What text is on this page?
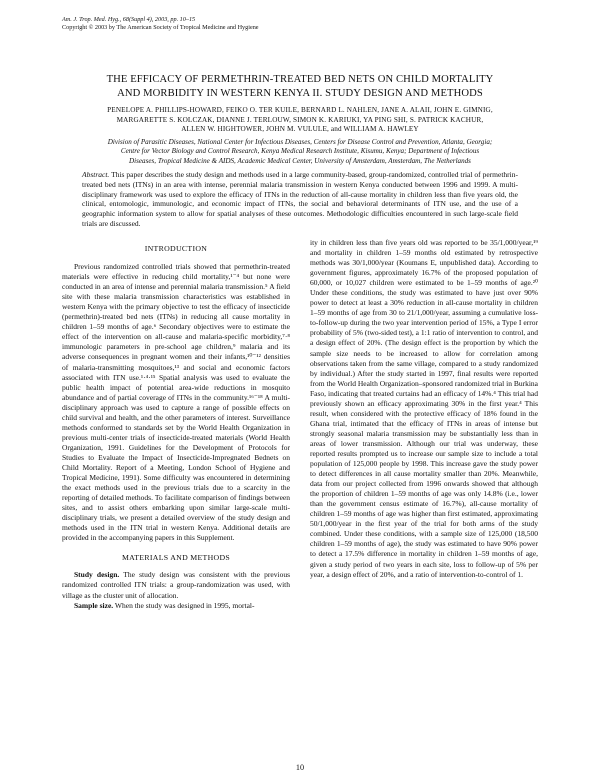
Am. J. Trop. Med. Hyg., 68(Suppl 4), 2003, pp. 10–15
Copyright © 2003 by The American Society of Tropical Medicine and Hygiene
THE EFFICACY OF PERMETHRIN-TREATED BED NETS ON CHILD MORTALITY
AND MORBIDITY IN WESTERN KENYA II. STUDY DESIGN AND METHODS
PENELOPE A. PHILLIPS-HOWARD, FEIKO O. TER KUILE, BERNARD L. NAHLEN, JANE A. ALAII, JOHN E. GIMNIG,
MARGARETTE S. KOLCZAK, DIANNE J. TERLOUW, SIMON K. KARIUKI, YA PING SHI, S. PATRICK KACHUR,
ALLEN W. HIGHTOWER, JOHN M. VULULE, and WILLIAM A. HAWLEY
Division of Parasitic Diseases, National Center for Infectious Diseases, Centers for Disease Control and Prevention, Atlanta, Georgia;
Centre for Vector Biology and Control Research, Kenya Medical Research Institute, Kisumu, Kenya; Department of Infectious
Diseases, Tropical Medicine & AIDS, Academic Medical Center, University of Amsterdam, Amsterdam, The Netherlands
Abstract. This paper describes the study design and methods used in a large community-based, group-randomized, controlled trial of permethrin-treated bed nets (ITNs) in an area with intense, perennial malaria transmission in western Kenya conducted between 1996 and 1999. A multi-disciplinary framework was used to explore the efficacy of ITNs in the reduction of all-cause mortality in children less than five years old, the clinical, entomologic, immunologic, and economic impact of ITNs, the social and behavioral determinants of ITN use, and the use of a geographic information system to allow for spatial analyses of these outcomes. Methodologic difficulties encountered in such large-scale field trials are discussed.

INTRODUCTION

Previous randomized controlled trials showed that permethrin-treated materials were effective in reducing child mortality,¹⁻⁴ but none were conducted in an area of intense and perennial malaria transmission.⁵ A field site with these malaria transmission characteristics was established in western Kenya with the primary objective to test the efficacy of insecticide (permethrin)-treated bed nets (ITNs) in reducing all cause mortality in children 1–59 months of age.⁶ Secondary objectives were to estimate the effect of the intervention on all-cause and malaria-specific morbidity,⁷·⁸ immunologic parameters in pre-school age children,⁹ malaria and its adverse consequences in pregnant women and their infants,¹⁰⁻¹² densities of malaria-transmitting mosquitoes,¹³ and social and economic factors associated with ITN use.¹·⁴·¹⁵ Spatial analysis was used to evaluate the public health impact of potential area-wide reductions in mosquito abundance and of partial coverage of ITNs in the community.¹⁶⁻¹⁸ A multi-disciplinary approach was used to capture a range of possible effects on child survival and health, and the other parameters of interest. Surveillance methods conformed to standards set by the World Health Organization in previous multi-center trials of insecticide-treated materials (World Health Organization, 1991. Guidelines for the Development of Protocols for Studies to Evaluate the Impact of Insecticide-Impregnated Bednets on Child Mortality. Report of a Meeting, London School of Hygiene and Tropical Medicine, 1991). Some difficulty was encountered in determining the exact methods used in the previous trials due to a scarcity in the reporting of detailed methods. To facilitate comparison of findings between sites, and to assist others embarking upon similar large-scale multi-disciplinary trials, we present a detailed overview of the study design and methods used in the ITN trial in western Kenya. Additional details are provided in the accompanying papers in this Supplement.

MATERIALS AND METHODS

Study design. The study design was consistent with the previous randomized controlled ITN trials: a group-randomization was used, with village as the cluster unit of allocation.

Sample size. When the study was designed in 1995, mortal-

ity in children less than five years old was reported to be 35/1,000/year,¹⁹ and mortality in children 1–59 months old estimated by retrospective methods was 30/1,000/year (Koumans E, unpublished data). According to government figures, approximately 16.7% of the proposed population of 60,000, or 10,027 children were estimated to be 1–59 months of age.²⁰ Under these conditions, the study was estimated to have just over 90% power to detect at least a 30% reduction in all-cause mortality in children 1–59 months of age from 30 to 21/1,000/year, assuming a cumulative loss-to-follow-up during the two year intervention period of 15%, a Type I error probability of 5% (two-sided test), a 1:1 ratio of intervention to control, and a design effect of 20%. (The design effect is the proportion by which the sample size needs to be increased to allow for correlation among observations taken from the same village, compared to a study randomized by individual.) After the study started in 1997, final results were reported from the World Health Organization–sponsored randomized trial in Burkina Faso, indicating that treated curtains had an efficacy of 14%.⁴ This trial had previously shown an efficacy approximating 30% in the first year.⁴ This result, when considered with the protective efficacy of 18% found in the Ghana trial, intimated that the efficacy of ITNs in areas of intense but strongly seasonal malaria transmission may be substantially less than in areas of lower transmission. Although our trial was underway, these reported results prompted us to increase our sample size to include a total population of 125,000 people by 1998. This increase gave the study power to detect differences in all cause mortality smaller than 20%. Meanwhile, data from our project collected from 1996 onwards showed that although the proportion of children 1–59 months of age was only 14.8% (i.e., lower than the government census estimate of 16.7%), all-cause mortality of children 1–59 months of age was higher than first estimated, approximating 50/1,000/year in the first year of the trial for both arms of the study combined. Under these conditions, with a sample size of 125,000 (18,500 children 1–59 months of age), the study was estimated to have 90% power to detect a 17.5% difference in mortality in children 1–59 months of age, given a study period of two years in each site, loss to follow-up of 5% per year, a design effect of 20%, and a ratio of intervention-to-control of 1.

10
